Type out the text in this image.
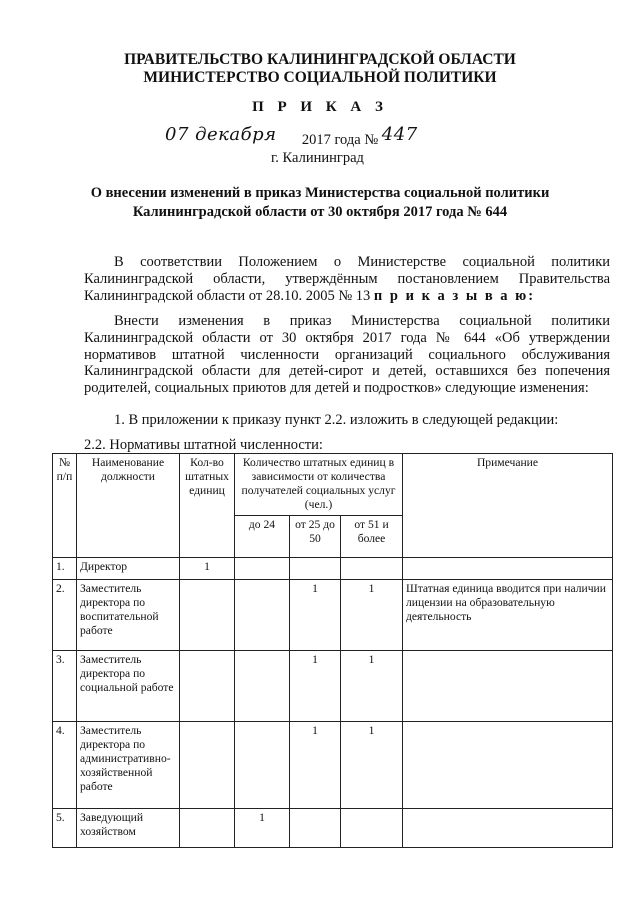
ПРАВИТЕЛЬСТВО КАЛИНИНГРАДСКОЙ ОБЛАСТИ
МИНИСТЕРСТВО СОЦИАЛЬНОЙ ПОЛИТИКИ
П Р И К А З
07 декабря 2017 года № 447
г. Калининград
О внесении изменений в приказ Министерства социальной политики
Калининградской области от 30 октября 2017 года № 644
В соответствии Положением о Министерстве социальной политики Калининградской области, утверждённым постановлением Правительства Калининградской области от 28.10. 2005 № 13 п р и к а з ы в а ю:
Внести изменения в приказ Министерства социальной политики Калининградской области от 30 октября 2017 года № 644 «Об утверждении нормативов штатной численности организаций социального обслуживания Калининградской области для детей-сирот и детей, оставшихся без попечения родителей, социальных приютов для детей и подростков» следующие изменения:
1. В приложении к приказу пункт 2.2. изложить в следующей редакции:
2.2. Нормативы штатной численности:
№ п/п	Наименование должности	Кол-во штатных единиц	Количество штатных единиц в зависимости от количества получателей социальных услуг (чел.)			Примечание
			до 24	от 25 до 50	от 51 и более	
1.	Директор	1				
2.	Заместитель директора по воспитательной работе			1	1	Штатная единица вводится при наличии лицензии на образовательную деятельность
3.	Заместитель директора по социальной работе			1	1	
4.	Заместитель директора по административно-хозяйственной работе			1	1	
5.	Заведующий хозяйством		1			
